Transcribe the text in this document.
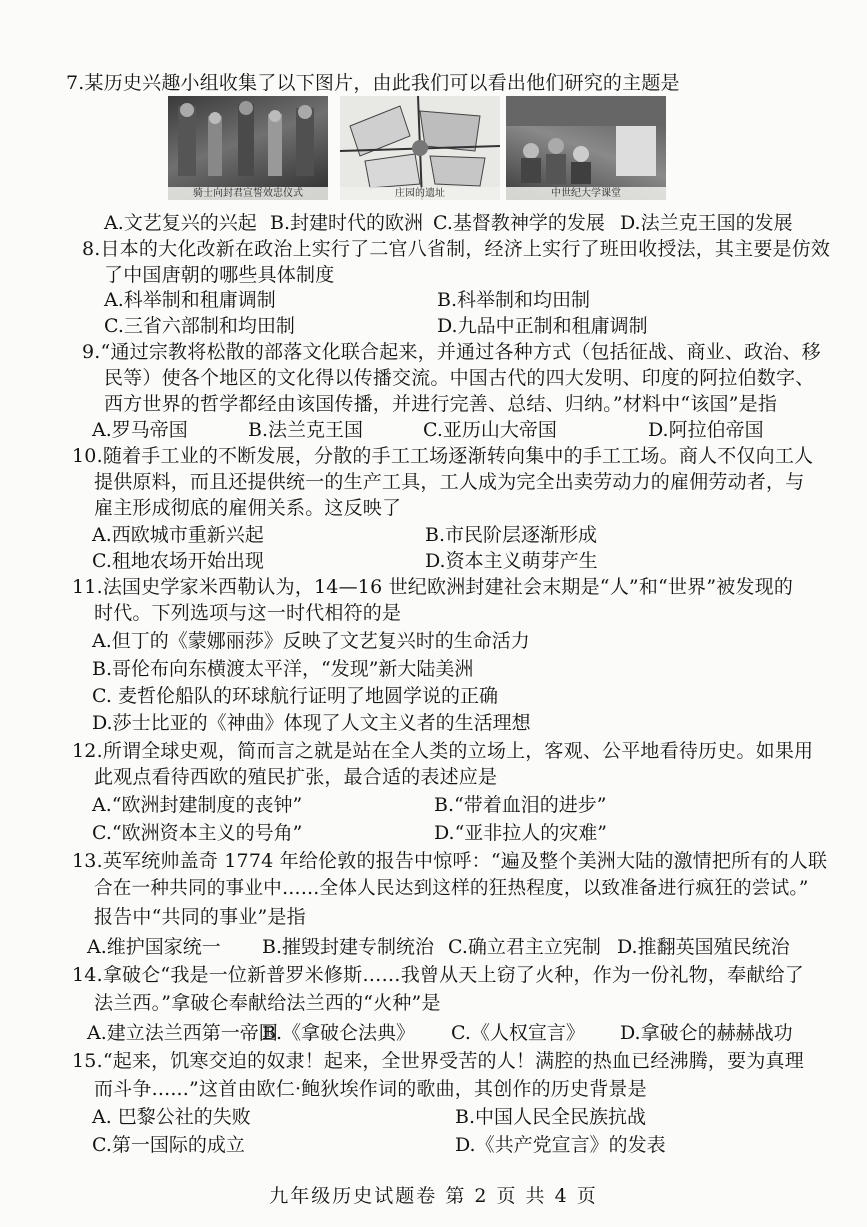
7.某历史兴趣小组收集了以下图片，由此我们可以看出他们研究的主题是
骑士向封君宣誓效忠仪式	庄园的遗址	中世纪大学课堂
A.文艺复兴的兴起 B.封建时代的欧洲 C.基督教神学的发展 D.法兰克王国的发展
8.日本的大化改新在政治上实行了二官八省制，经济上实行了班田收授法，其主要是仿效
了中国唐朝的哪些具体制度
A.科举制和租庸调制	B.科举制和均田制
C.三省六部制和均田制	D.九品中正制和租庸调制
9.“通过宗教将松散的部落文化联合起来，并通过各种方式（包括征战、商业、政治、移
民等）使各个地区的文化得以传播交流。中国古代的四大发明、印度的阿拉伯数字、
西方世界的哲学都经由该国传播，并进行完善、总结、归纳。”材料中“该国”是指
A.罗马帝国	B.法兰克王国	C.亚历山大帝国	D.阿拉伯帝国
10.随着手工业的不断发展，分散的手工工场逐渐转向集中的手工工场。商人不仅向工人
提供原料，而且还提供统一的生产工具，工人成为完全出卖劳动力的雇佣劳动者，与
雇主形成彻底的雇佣关系。这反映了
A.西欧城市重新兴起	B.市民阶层逐渐形成
C.租地农场开始出现	D.资本主义萌芽产生
11.法国史学家米西勒认为，14—16 世纪欧洲封建社会末期是“人”和“世界”被发现的
时代。下列选项与这一时代相符的是
A.但丁的《蒙娜丽莎》反映了文艺复兴时的生命活力
B.哥伦布向东横渡太平洋，“发现”新大陆美洲
C. 麦哲伦船队的环球航行证明了地圆学说的正确
D.莎士比亚的《神曲》体现了人文主义者的生活理想
12.所谓全球史观，简而言之就是站在全人类的立场上，客观、公平地看待历史。如果用
此观点看待西欧的殖民扩张，最合适的表述应是
A.“欧洲封建制度的丧钟”	B.“带着血泪的进步”
C.“欧洲资本主义的号角”	D.“亚非拉人的灾难”
13.英军统帅盖奇 1774 年给伦敦的报告中惊呼：“遍及整个美洲大陆的激情把所有的人联
合在一种共同的事业中……全体人民达到这样的狂热程度，以致准备进行疯狂的尝试。”
报告中“共同的事业”是指
A.维护国家统一 B.摧毁封建专制统治 C.确立君主立宪制 D.推翻英国殖民统治
14.拿破仑“我是一位新普罗米修斯……我曾从天上窃了火种，作为一份礼物，奉献给了
法兰西。”拿破仑奉献给法兰西的“火种”是
A.建立法兰西第一帝国
B.《拿破仑法典》 C.《人权宣言》 D.拿破仑的赫赫战功
15.“起来，饥寒交迫的奴隶！起来，全世界受苦的人！满腔的热血已经沸腾，要为真理
而斗争......”这首由欧仁·鲍狄埃作词的歌曲，其创作的历史背景是
A. 巴黎公社的失败	B.中国人民全民族抗战
C.第一国际的成立	D.《共产党宣言》的发表
九年级历史试题卷 第 2 页 共 4 页
